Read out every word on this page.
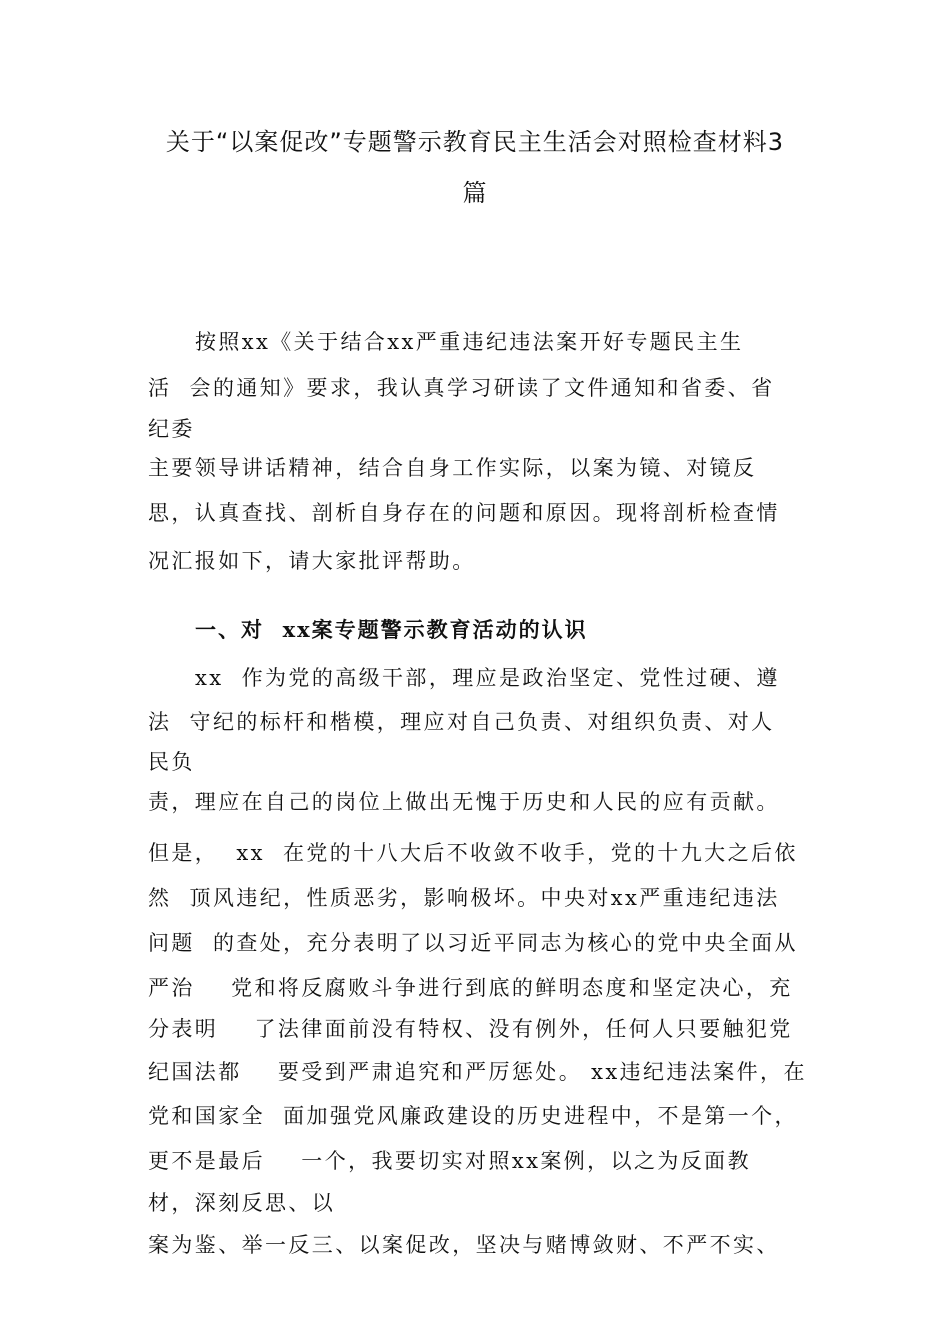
关于“以案促改”专题警示教育民主生活会对照检查材料3
篇
按照xx《关于结合xx严重违纪违法案开好专题民主生
活  会的通知》要求，我认真学习研读了文件通知和省委、省
纪委
主要领导讲话精神，结合自身工作实际，以案为镜、对镜反
思，认真查找、剖析自身存在的问题和原因。现将剖析检查情
况汇报如下，请大家批评帮助。
一、对  xx案专题警示教育活动的认识
xx  作为党的高级干部，理应是政治坚定、党性过硬、遵
法  守纪的标杆和楷模，理应对自己负责、对组织负责、对人
民负
责，理应在自己的岗位上做出无愧于历史和人民的应有贡献。
但是，  xx  在党的十八大后不收敛不收手，党的十九大之后依
然  顶风违纪，性质恶劣，影响极坏。中央对xx严重违纪违法
问题  的查处，充分表明了以习近平同志为核心的党中央全面从
严治    党和将反腐败斗争进行到底的鲜明态度和坚定决心，充
分表明    了法律面前没有特权、没有例外，任何人只要触犯党
纪国法都    要受到严肃追究和严厉惩处。 xx违纪违法案件，在
党和国家全  面加强党风廉政建设的历史进程中，不是第一个，
更不是最后    一个，我要切实对照xx案例，以之为反面教
材，深刻反思、以
案为鉴、举一反三、以案促改，坚决与赌博敛财、不严不实、
